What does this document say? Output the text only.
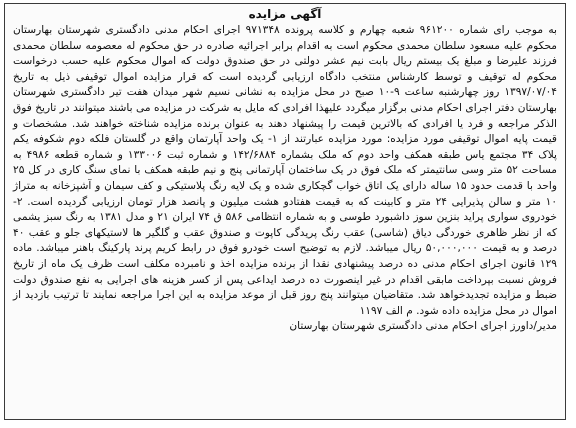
آگهی مزایده

به موجب رای شماره ۹۶۱۲۰۰ شعبه چهارم و کلاسه پرونده ۹۷۱۳۴۸ اجرای احکام مدنی دادگستری شهرستان بهارستان محکوم علیه مسعود سلطان محمدی محکوم است به اقدام برابر اجرائیه صادره در حق محکوم له معصومه سلطان محمدی فرزند علیرضا و مبلغ یک بیستم ریال بابت نیم عشر دولتی در حق صندوق دولت که اموال محکوم علیه حسب درخواست محکوم له توقیف و توسط کارشناس منتخب دادگاه ارزیابی گردیده است که قرار مزایده اموال توقیفی ذیل به تاریخ ۱۳۹۷/۰۷/۰۴ روز چهارشنبه ساعت ۹-۱۰ صبح در محل مزایده به نشانی نسیم شهر میدان هفت تیر دادگستری شهرستان بهارستان دفتر اجرای احکام مدنی برگزار میگردد علیهذا افرادی که مایل به شرکت در مزایده می باشند میتوانند در تاریخ فوق الذکر مراجعه و فرد یا افرادی که بالاترین قیمت را پیشنهاد دهند به عنوان برنده مزایده شناخته خواهند شد. مشخصات و قیمت پایه اموال توقیفی مورد مزایده: مورد مزایده عبارتند از ۱- یک واحد آپارتمان واقع در گلستان فلکه دوم شکوفه یکم پلاک ۳۴ مجتمع یاس طبقه همکف واحد دوم که ملک بشماره ۱۴۲/۶۸۸۴ و شماره ثبت ۱۳۳۰۰۶ و شماره قطعه ۴۹۸۶ به مساحت ۵۲ متر وسی سانتیمتر که ملک فوق در یک ساختمان آپارتمانی پنج و نیم طبقه همکف با نمای سنگ کاری در کل ۲۵ واحد با قدمت حدود ۱۵ ساله دارای یک اتاق خواب گچکاری شده و یک لایه رنگ پلاستیکی و کف سیمان و آشپزخانه به متراژ ۱۰ متر و سالن پذیرایی ۲۴ متر و کابینت که به قیمت هفتادو هشت میلیون و پانصد هزار تومان ارزیابی گردیده است. ۲- خودروی سواری پراید بنزین سوز داشبورد طوسی و به شماره انتظامی ۵۸۶ ق ۷۴ ایران ۲۱ و مدل ۱۳۸۱ به رنگ سبز یشمی که از نظر ظاهری خوردگی دیاق (شاسی) عقب رنگ پریدگی کاپوت و صندوق عقب و گلگیر ها لاستیکهای جلو و عقب ۴۰ درصد و به قیمت ۵۰,۰۰۰,۰۰۰ ریال میباشد. لازم به توضیح است خودرو فوق در رابط کریم پرند پارکینگ باهنر میباشد. ماده ۱۲۹ قانون اجرای احکام مدنی ده درصد پیشنهادی نقدا از برنده مزایده اخذ و نامبرده مکلف است ظرف یک ماه از تاریخ فروش نسبت بپرداخت مابقی اقدام در غیر اینصورت ده درصد ایداعی پس از کسر هزینه های اجرایی به نفع صندوق دولت ضبط و مزایده تجدیدخواهد شد. متقاضیان میتوانند پنج روز قبل از موعد مزایده به این اجرا مراجعه نمایند تا ترتیب بازدید از اموال در محل مزایده داده شود. م الف ۱۱۹۷

مدیر/داورز اجرای احکام مدنی دادگستری شهرستان بهارستان
